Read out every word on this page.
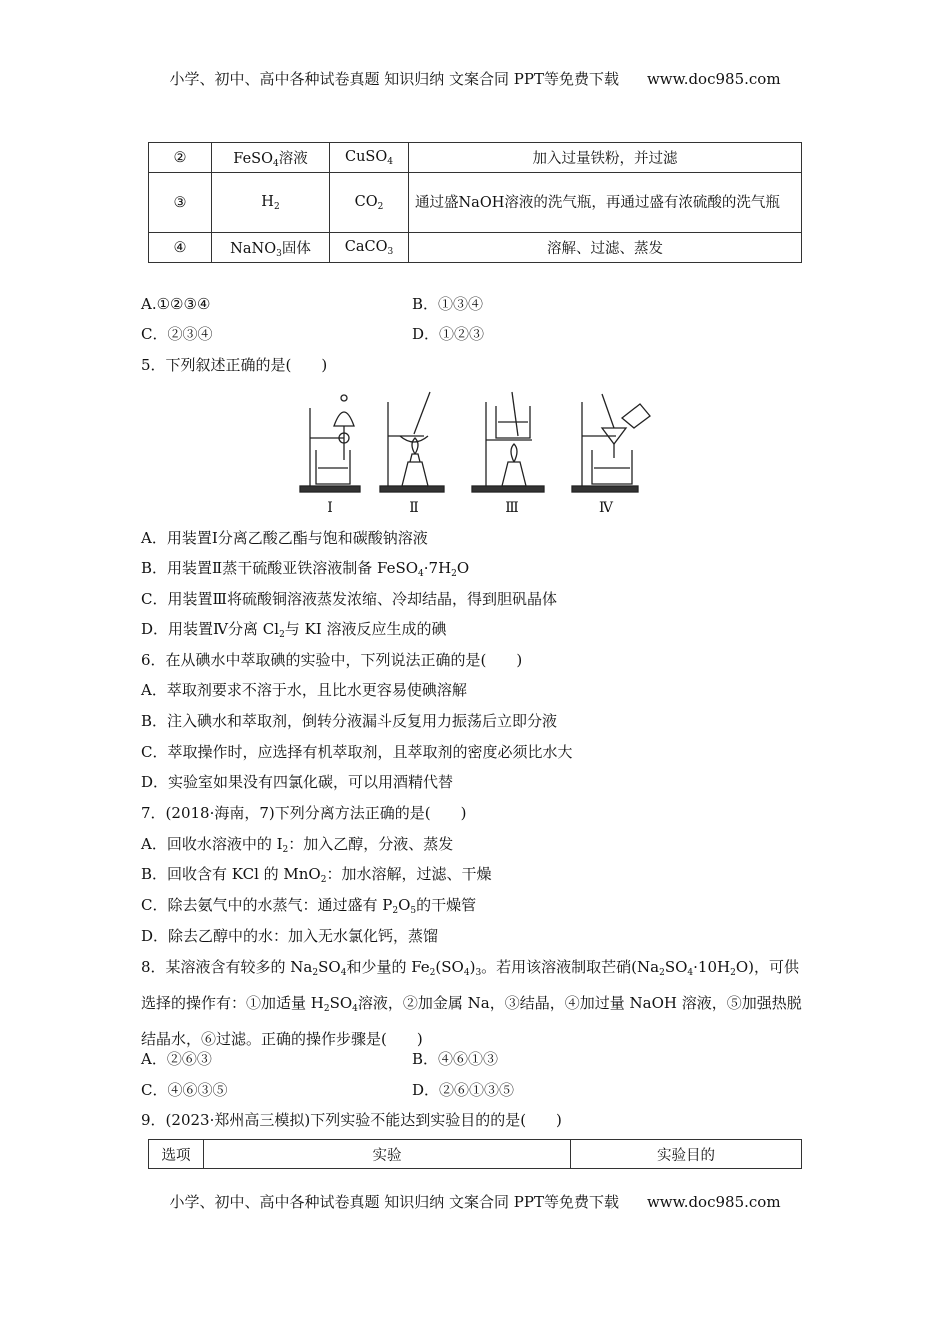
小学、初中、高中各种试卷真题 知识归纳 文案合同 PPT等免费下载 www.doc985.com
②	FeSO$_4$溶液	CuSO$_4$	加入过量铁粉，并过滤
③	$H_2$	$CO_2$	通过盛NaOH溶液的洗气瓶，再通过盛有浓硫酸的洗气瓶
④	NaNO$_3$固体	CaCO$_3$	溶解、过滤、蒸发
A.①②③④	B．①③④
C．②③④	D．①②③
5．下列叙述正确的是(　　)
Ⅰ	Ⅱ	Ⅲ	Ⅳ
A．用装置Ⅰ分离乙酸乙酯与饱和碳酸钠溶液
B．用装置Ⅱ蒸干硫酸亚铁溶液制备 $FeSO_4\cdot 7H_2O$
C．用装置Ⅲ将硫酸铜溶液蒸发浓缩、冷却结晶，得到胆矾晶体
D．用装置Ⅳ分离 $Cl_2$与 KI 溶液反应生成的碘
6．在从碘水中萃取碘的实验中，下列说法正确的是(　　)
A．萃取剂要求不溶于水，且比水更容易使碘溶解
B．注入碘水和萃取剂，倒转分液漏斗反复用力振荡后立即分液
C．萃取操作时，应选择有机萃取剂，且萃取剂的密度必须比水大
D．实验室如果没有四氯化碳，可以用酒精代替
7．(2018·海南，7)下列分离方法正确的是(　　)
A．回收水溶液中的 $I_2$：加入乙醇，分液、蒸发
B．回收含有 KCl 的 MnO$_2$：加水溶解，过滤、干燥
C．除去氨气中的水蒸气：通过盛有 $P_2O_5$的干燥管
D．除去乙醇中的水：加入无水氯化钙，蒸馏
8．某溶液含有较多的 $Na_2SO_4$和少量的 $Fe_2(SO_4)_3$。若用该溶液制取芒硝$(Na_2SO_4\cdot 10H_2O)$，可供选择的操作有：①加适量 $H_2SO_4$溶液，②加金属 Na，③结晶，④加过量 NaOH 溶液，⑤加强热脱结晶水，⑥过滤。正确的操作步骤是(　　)
A．②⑥③	B．④⑥①③
C．④⑥③⑤	D．②⑥①③⑤
9．(2023·郑州高三模拟)下列实验不能达到实验目的的是(　　)
选项	实验	实验目的
小学、初中、高中各种试卷真题 知识归纳 文案合同 PPT等免费下载 www.doc985.com
